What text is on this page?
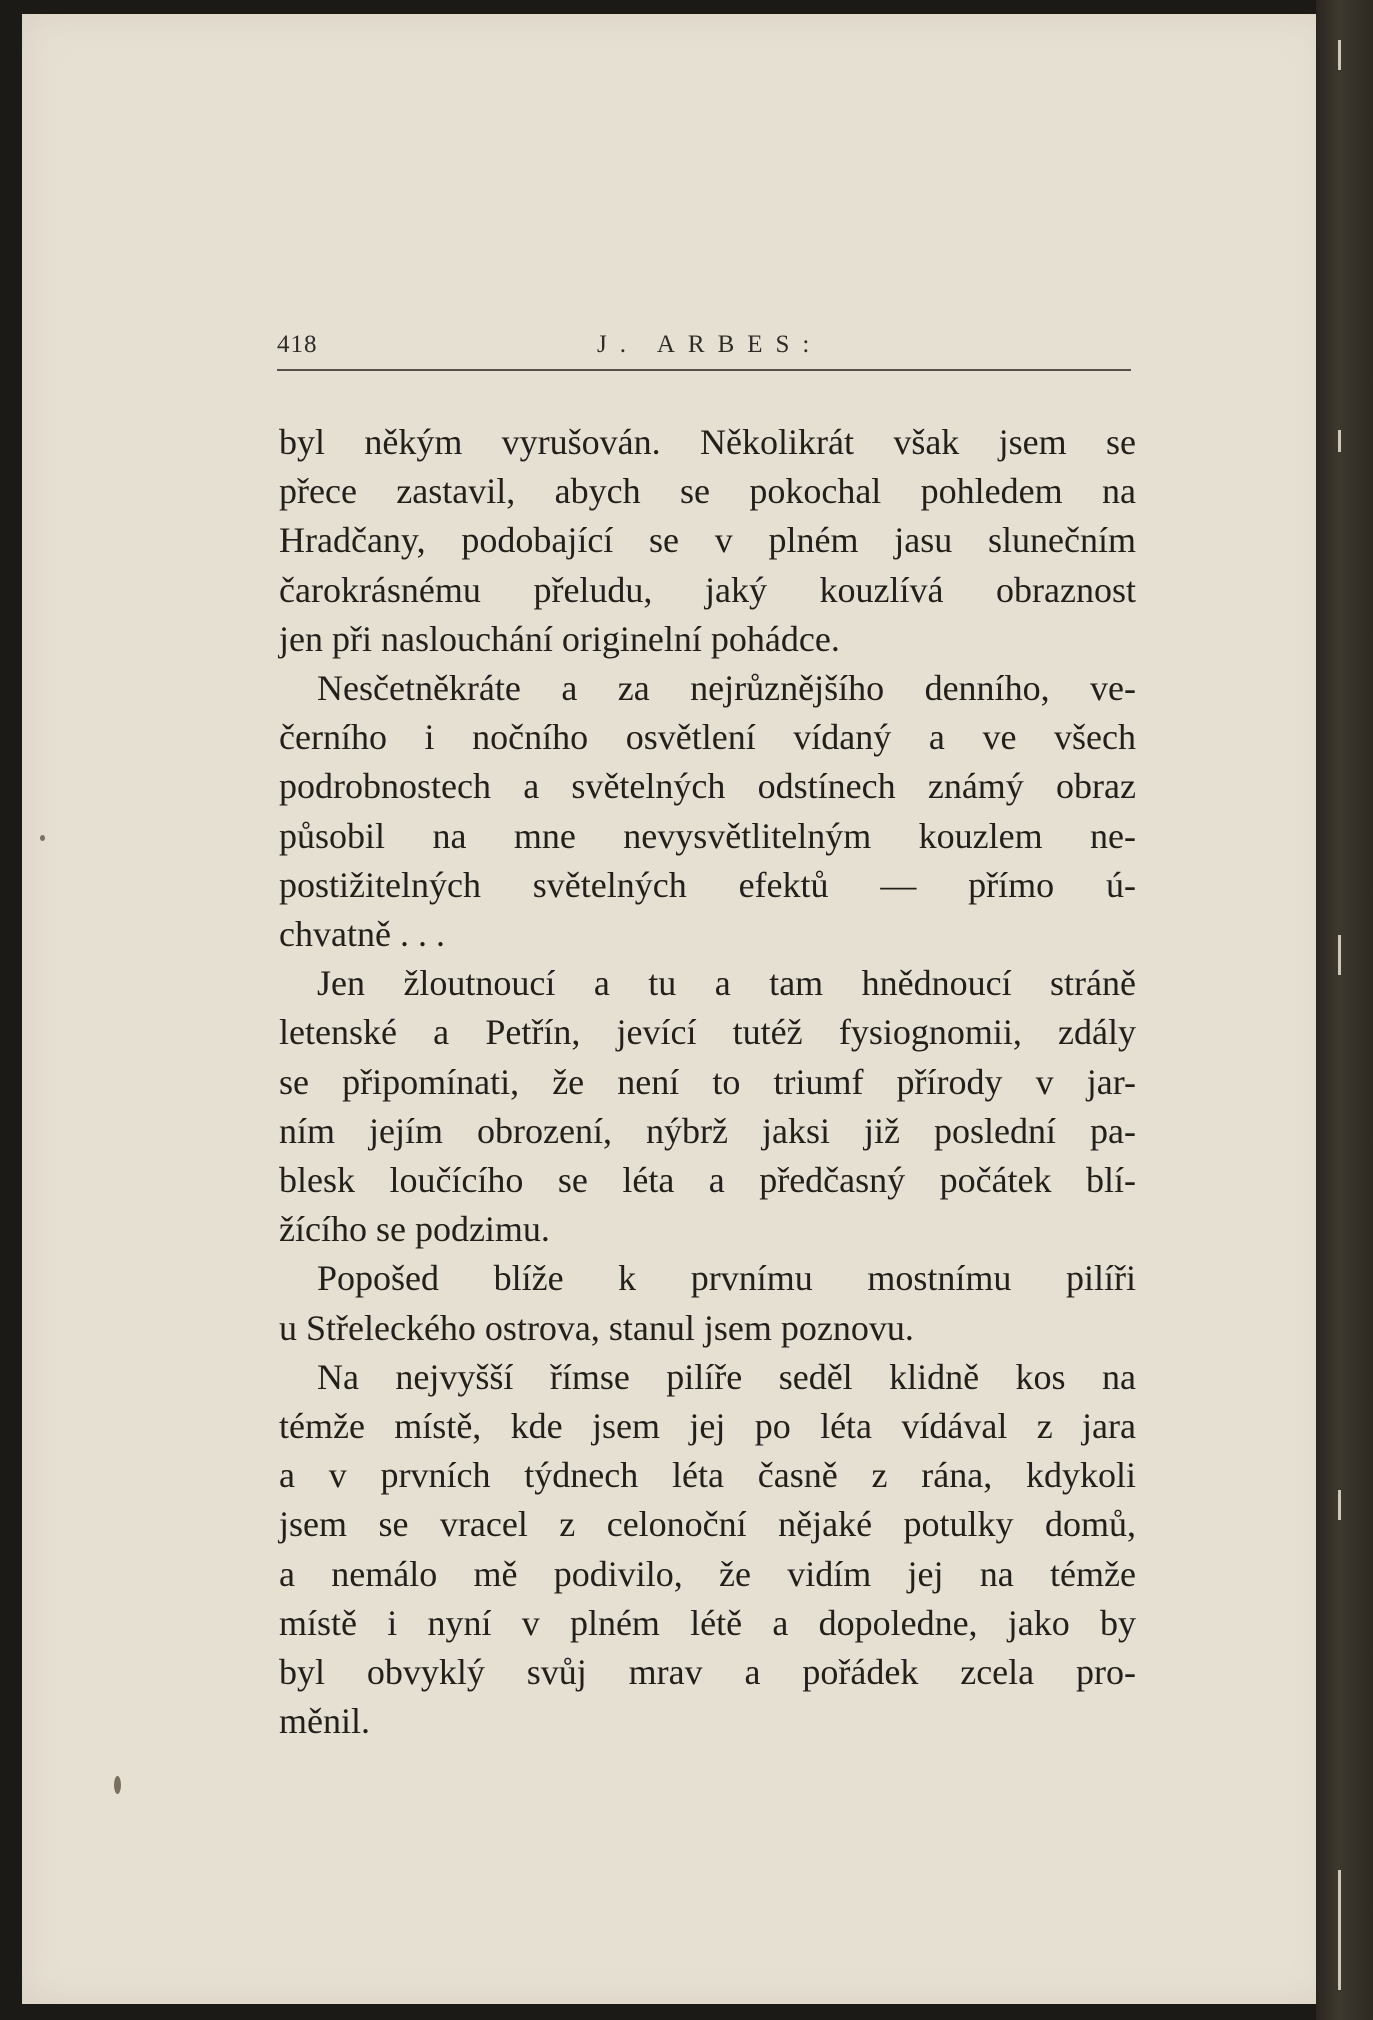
418	J. ARBES:
byl někým vyrušován. Několikrát však jsem se
přece zastavil, abych se pokochal pohledem na
Hradčany, podobající se v plném jasu slunečním
čarokrásnému přeludu, jaký kouzlívá obraznost
jen při naslouchání originelní pohádce.
Nesčetněkráte a za nejrůznějšího denního, ve-
černího i nočního osvětlení vídaný a ve všech
podrobnostech a světelných odstínech známý obraz
působil na mne nevysvětlitelným kouzlem ne-
postižitelných světelných efektů — přímo ú-
chvatně . . .
Jen žloutnoucí a tu a tam hnědnoucí stráně
letenské a Petřín, jevící tutéž fysiognomii, zdály
se připomínati, že není to triumf přírody v jar-
ním jejím obrození, nýbrž jaksi již poslední pa-
blesk loučícího se léta a předčasný počátek blí-
žícího se podzimu.
Popošed blíže k prvnímu mostnímu pilíři
u Střeleckého ostrova, stanul jsem poznovu.
Na nejvyšší římse pilíře seděl klidně kos na
témže místě, kde jsem jej po léta vídával z jara
a v prvních týdnech léta časně z rána, kdykoli
jsem se vracel z celonoční nějaké potulky domů,
a nemálo mě podivilo, že vidím jej na témže
místě i nyní v plném létě a dopoledne, jako by
byl obvyklý svůj mrav a pořádek zcela pro-
měnil.
